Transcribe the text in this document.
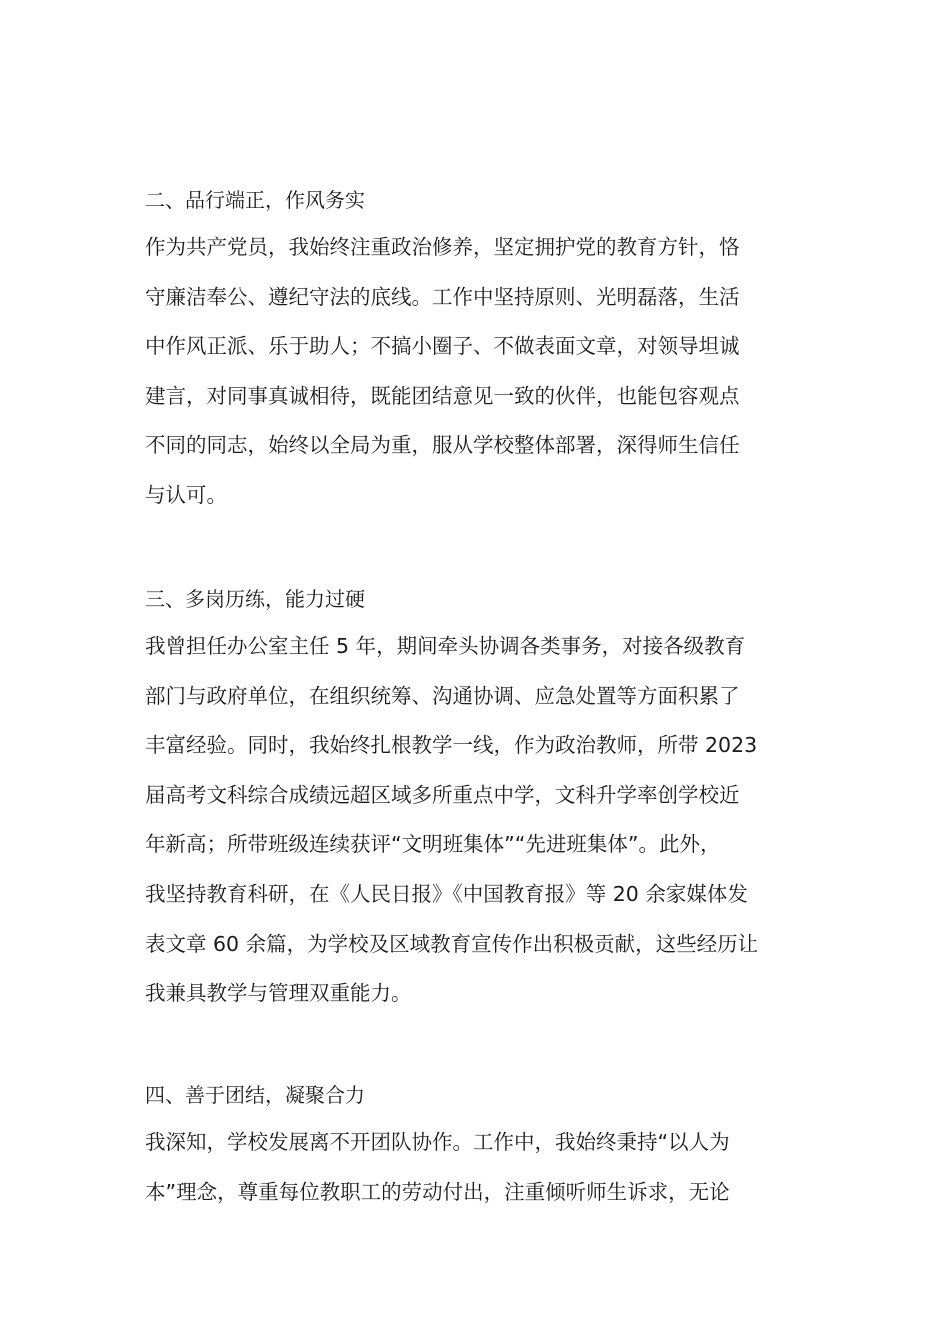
二、品行端正，作风务实
作为共产党员，我始终注重政治修养，坚定拥护党的教育方针，恪
守廉洁奉公、遵纪守法的底线。工作中坚持原则、光明磊落，生活
中作风正派、乐于助人；不搞小圈子、不做表面文章，对领导坦诚
建言，对同事真诚相待，既能团结意见一致的伙伴，也能包容观点
不同的同志，始终以全局为重，服从学校整体部署，深得师生信任
与认可。
三、多岗历练，能力过硬
我曾担任办公室主任 5 年，期间牵头协调各类事务，对接各级教育
部门与政府单位，在组织统筹、沟通协调、应急处置等方面积累了
丰富经验。同时，我始终扎根教学一线，作为政治教师，所带 2023
届高考文科综合成绩远超区域多所重点中学，文科升学率创学校近
年新高；所带班级连续获评“文明班集体”“先进班集体”。此外，
我坚持教育科研，在《人民日报》《中国教育报》等 20 余家媒体发
表文章 60 余篇，为学校及区域教育宣传作出积极贡献，这些经历让
我兼具教学与管理双重能力。
四、善于团结，凝聚合力
我深知，学校发展离不开团队协作。工作中，我始终秉持“以人为
本”理念，尊重每位教职工的劳动付出，注重倾听师生诉求，无论
